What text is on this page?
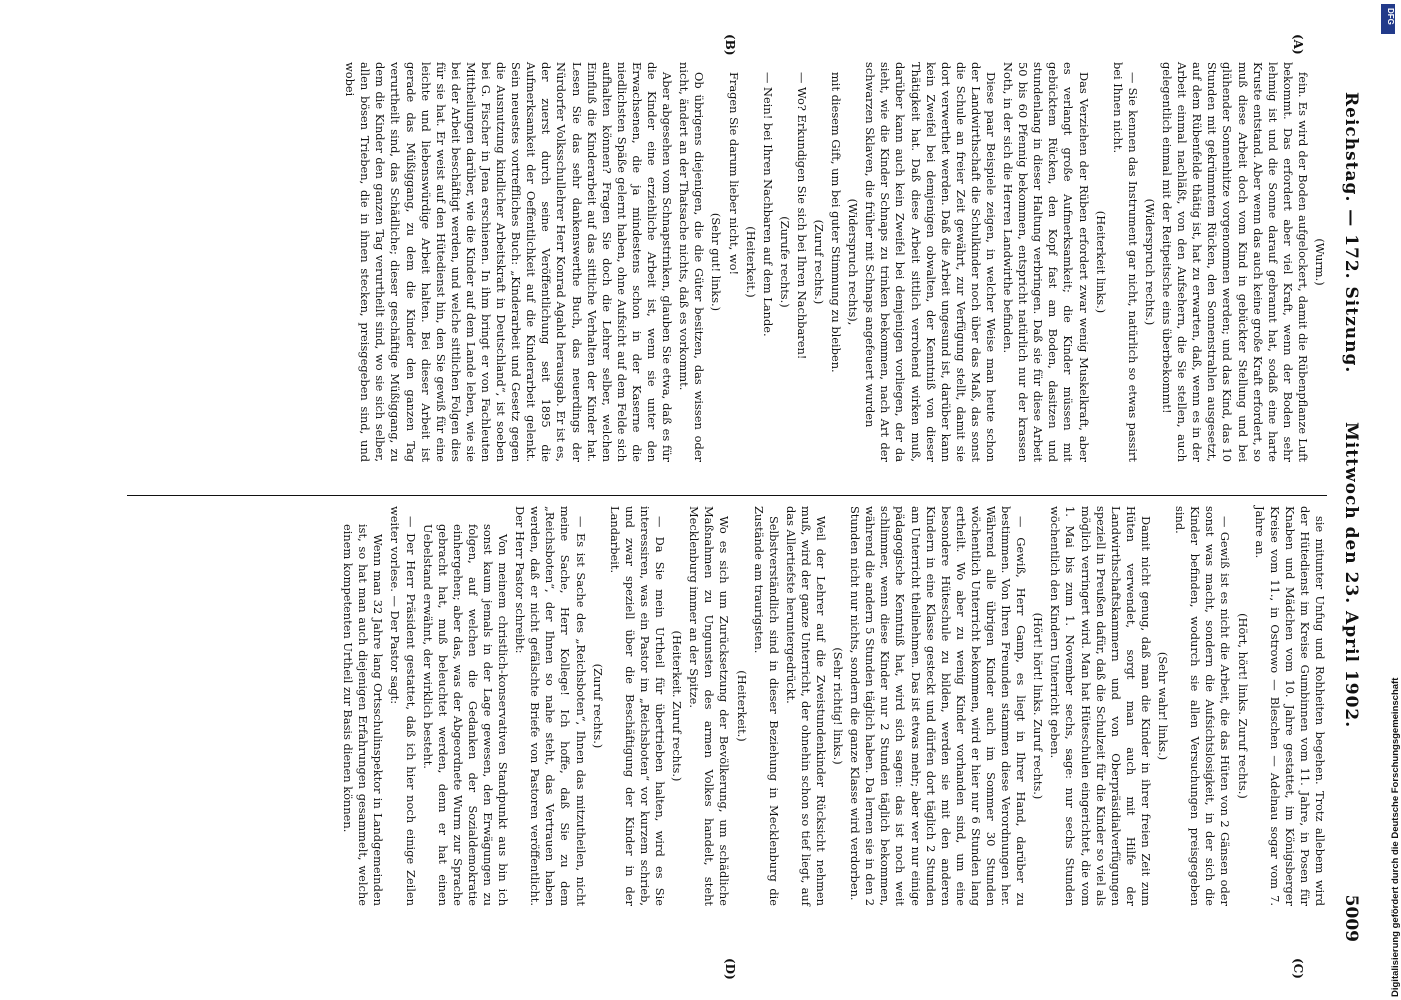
Reichstag. — 172. Sitzung.
Mittwoch den 23. April 1902.
5009
(A)
(B)
(C)
(D)

(Wurm.)

fein. Es wird der Boden aufgelockert, damit die Rübenpflanze Luft bekommt. Das erfordert aber viel Kraft, wenn der Boden sehr lehmig ist und die Sonne darauf gebrannt hat, sodaß eine harte Kruste entstand. Aber wenn das auch keine große Kraft erfordert, so muß diese Arbeit doch vom Kind in gebückter Stellung und bei glühender Sonnenhitze vorgenommen werden; und das Kind, das 10 Stunden mit gekrümmtem Rücken, den Sonnenstrahlen ausgesetzt, auf dem Rübenfelde thätig ist, hat zu erwarten, daß, wenn es in der Arbeit einmal nachläßt, von den Aufsehern, die Sie stellen, auch gelegentlich einmal mit der Reitpeitsche eins überbekommt!

(Widerspruch rechts.)

— Sie kennen das Instrument gar nicht, natürlich so etwas passirt bei Ihnen nicht.

(Heiterkeit links.)

Das Verziehen der Rüben erfordert zwar wenig Muskelkraft, aber es verlangt große Aufmerksamkeit; die Kinder müssen mit gebücktem Rücken, den Kopf fast am Boden, dasitzen und stundenlang in dieser Haltung verbringen. Daß sie für diese Arbeit 50 bis 60 Pfennig bekommen, entspricht natürlich nur der krassen Noth, in der sich die Herren Landwirthe befinden.

Diese paar Beispiele zeigen, in welcher Weise man heute schon der Landwirthschaft die Schulkinder noch über das Maß, das sonst die Schule an freier Zeit gewährt, zur Verfügung stellt, damit sie dort verwerthet werden. Daß die Arbeit ungesund ist, darüber kann kein Zweifel bei demjenigen obwalten, der Kenntniß von dieser Thätigkeit hat. Daß diese Arbeit sittlich verrohend wirken muß, darüber kann auch kein Zweifel bei demjenigen vorliegen, der da sieht, wie die Kinder Schnaps zu trinken bekommen, nach Art der schwarzen Sklaven, die früher mit Schnaps angefeuert wurden

(Widerspruch rechts),

mit diesem Gift, um bei guter Stimmung zu bleiben.

(Zuruf rechts.)

— Wo? Erkundigen Sie sich bei Ihren Nachbaren!

(Zurufe rechts.)

— Nein! bei Ihren Nachbaren auf dem Lande.

(Heiterkeit.)

Fragen Sie darum lieber nicht, wo!

(Sehr gut! links.)

Ob übrigens diejenigen, die die Güter besitzen, das wissen oder nicht, ändert an der Thatsache nichts, daß es vorkommt.

Aber abgesehen vom Schnapstrinken, glauben Sie etwa, daß es für die Kinder eine erziehliche Arbeit ist, wenn sie unter den Erwachsenen, die ja mindestens schon in der Kaserne die niedlichsten Späße gelernt haben, ohne Aufsicht auf dem Felde sich aufhalten können? Fragen Sie doch die Lehrer selber, welchen Einfluß die Kinderarbeit auf das sittliche Verhalten der Kinder hat. Lesen Sie das sehr dankenswerthe Buch, das neuerdings der Nürdorfer Volksschullehrer Herr Konrad Agahd herausgab. Er ist es, der zuerst durch seine Veröffentlichung seit 1895 die Aufmerksamkeit der Oeffentlichkeit auf die Kinderarbeit gelenkt. Sein neuestes vortreffliches Buch: „Kinderarbeit und Gesetz gegen die Ausnutzung kindlicher Arbeitskraft in Deutschland“, ist soeben bei G. Fischer in Jena erschienen. In ihm bringt er von Fachleuten Mittheilungen darüber, wie die Kinder auf dem Lande leben, wie sie bei der Arbeit beschäftigt werden, und welche sittlichen Folgen dies für sie hat. Er weist auf den Hütedienst hin, den Sie gewiß für eine leichte und liebenswürdige Arbeit halten. Bei dieser Arbeit ist gerade das Müßiggang, zu dem die Kinder den ganzen Tag verurtheilt sind, das Schädliche; dieser geschäftige Müßiggang, zu dem die Kinder den ganzen Tag verurtheilt sind, wo sie sich selber, allen bösen Trieben, die in ihnen stecken, preisgegeben sind, und wobei

sie mitunter Unfug und Rohheiten begehen. Trotz allebem wird der Hütedienst im Kreise Gumbinnen vom 11. Jahre, in Posen für Knaben und Mädchen vom 10. Jahre gestattet, im Königsberger Kreise vom 11., in Ostrowo — Bleschen — Adelnau sogar vom 7. Jahre an.

(Hört, hört! links. Zuruf rechts.)

— Gewiß ist es nicht die Arbeit, die das Hüten von 2 Gänsen oder sonst was macht, sondern die Aufsichtslosigkeit, in der sich die Kinder befinden, wodurch sie allen Versuchungen preisgegeben sind.

(Sehr wahr! links.)

Damit nicht genug, daß man die Kinder in ihrer freien Zeit zum Hüten verwendet, sorgt man auch mit Hilfe der Landwirthschaftskammern und von Oberpräsidialverfügungen speziell in Preußen dafür, daß die Schulzeit für die Kinder so viel als möglich verringert wird. Man hat Hüteschulen eingerichtet, die vom 1. Mai bis zum 1. November sechs, sage: nur sechs Stunden wöchentlich den Kindern Unterricht geben.

(Hört! hört! links. Zuruf rechts.)

— Gewiß, Herr Gamp, es liegt in Ihrer Hand, darüber zu bestimmen. Von Ihren Freunden stammen diese Verordnungen her. Während alle übrigen Kinder auch im Sommer 30 Stunden wöchentlich Unterricht bekommen, wird er hier nur 6 Stunden lang ertheilt. Wo aber zu wenig Kinder vorhanden sind, um eine besondere Hüteschule zu bilden, werden sie mit den anderen Kindern in eine Klasse gesteckt und dürfen dort täglich 2 Stunden am Unterricht theilnehmen. Das ist etwas mehr; aber wer nur einige pädagogische Kenntniß hat, wird sich sagen: das ist noch weit schlimmer, wenn diese Kinder nur 2 Stunden täglich bekommen, während die andern 5 Stunden täglich haben. Da lernen sie in den 2 Stunden nicht nur nichts, sondern die ganze Klasse wird verdorben.

(Sehr richtig! links.)

Weil der Lehrer auf die Zweistundenkinder Rücksicht nehmen muß, wird der ganze Unterricht, der ohnehin schon so tief liegt, auf das Allertiefste heruntergedrückt.

Selbstverständlich sind in dieser Beziehung in Mecklenburg die Zustände am traurigsten.

(Heiterkeit.)

Wo es sich um Zurücksetzung der Bevölkerung, um schädliche Maßnahmen zu Ungunsten des armen Volkes handelt, steht Mecklenburg immer an der Spitze.

(Heiterkeit. Zuruf rechts.)

— Da Sie mein Urtheil für übertrieben halten, wird es Sie interessiren, was ein Pastor im „Reichsboten“ vor kurzem schrieb, und zwar speziell über die Beschäftigung der Kinder in der Landarbeit.

(Zuruf rechts.)

— Es ist Sache des „Reichsboten“, Ihnen das mitzutheilen, nicht meine Sache, Herr Kollege! Ich hoffe, daß Sie zu dem „Reichsboten“, der Ihnen so nahe steht, das Vertrauen haben werden, daß er nicht gefälschte Briefe von Pastoren veröffentlicht. Der Herr Pastor schreibt:

Von meinem christlich-konservativen Standpunkt aus bin ich sonst kaum jemals in der Lage gewesen, den Erwägungen zu folgen, auf welchen die Gedanken der Sozialdemokratie einhergehen; aber das, was der Abgeordnete Wurm zur Sprache gebracht hat, muß beleuchtet werden, denn er hat einen Uebelstand erwähnt, der wirklich besteht.

— Der Herr Präsident gestattet, daß ich hier noch einige Zeilen weiter vorlese. — Der Pastor sagt:

Wenn man 32 Jahre lang Ortsschulinspektor in Landgemeinden ist, so hat man auch diejenigen Erfahrungen gesammelt, welche einem kompetenten Urtheil zur Basis dienen können.	Digitalisierung gefördert durch die Deutsche Forschungsgemeinschaft
DFG
